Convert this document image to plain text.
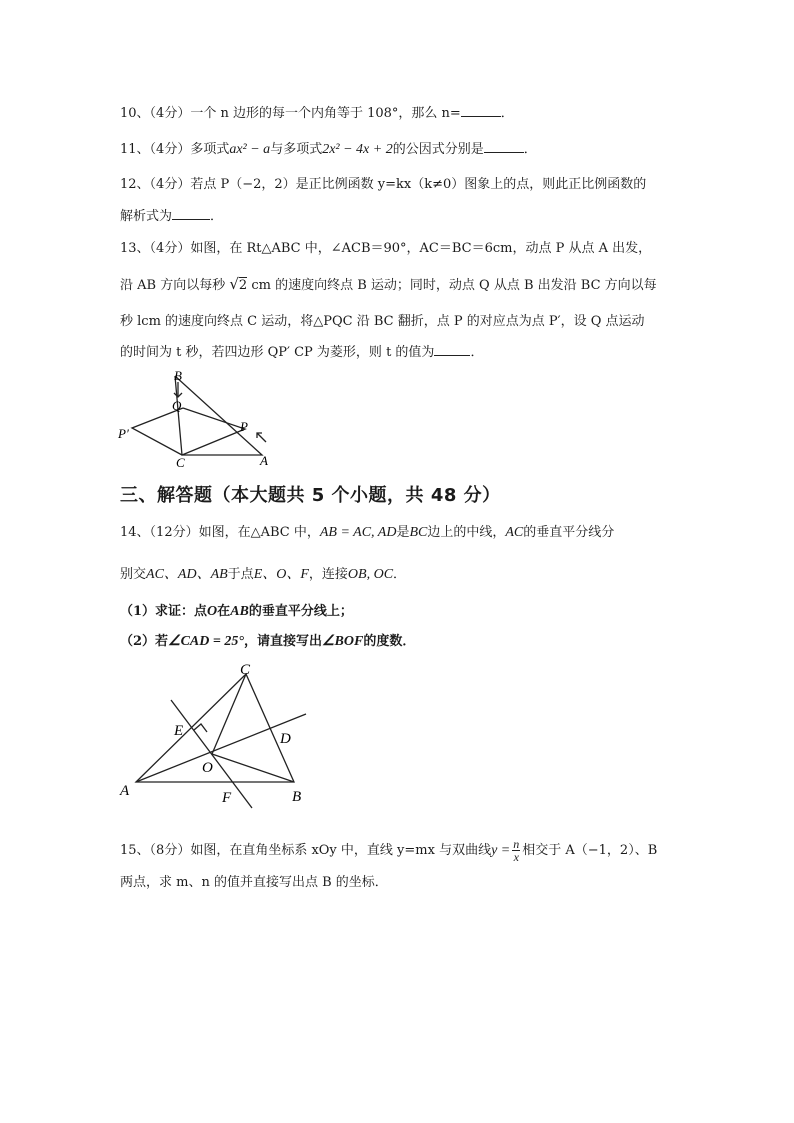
10、（4分）一个 n 边形的每一个内角等于 108°，那么 n=	．
11、（4分）多项式ax² − a与多项式2x² − 4x + 2的公因式分别是	．
12、（4分）若点 P（−2，2）是正比例函数 y=kx（k≠0）图象上的点，则此正比例函数的
解析式为	．
13、（4分）如图，在 Rt△ABC 中，∠ACB＝90°，AC＝BC＝6cm，动点 P 从点 A 出发，
沿 AB 方向以每秒 √2 cm 的速度向终点 B 运动；同时，动点 Q 从点 B 出发沿 BC 方向以每
秒 lcm 的速度向终点 C 运动，将△PQC 沿 BC 翻折，点 P 的对应点为点 P′，设 Q 点运动
的时间为 t 秒，若四边形 QP′ CP 为菱形，则 t 的值为	．
B
Q
P′	P
C	A
三、解答题（本大题共 5 个小题，共 48 分）
14、（12分）如图，在△ABC 中，AB = AC, AD是BC边上的中线，AC的垂直平分线分
别交AC、AD、AB于点E、O、F，连接OB, OC．
（1）求证：点O在AB的垂直平分线上；
（2）若∠CAD = 25°，请直接写出∠BOF的度数．
C
E	D
O
A	F	B
15、（8分）如图，在直角坐标系 xOy 中，直线 y=mx 与双曲线$y = \frac{n}{x}$ 相交于 A（−1，2）、B
两点，求 m、n 的值并直接写出点 B 的坐标．
